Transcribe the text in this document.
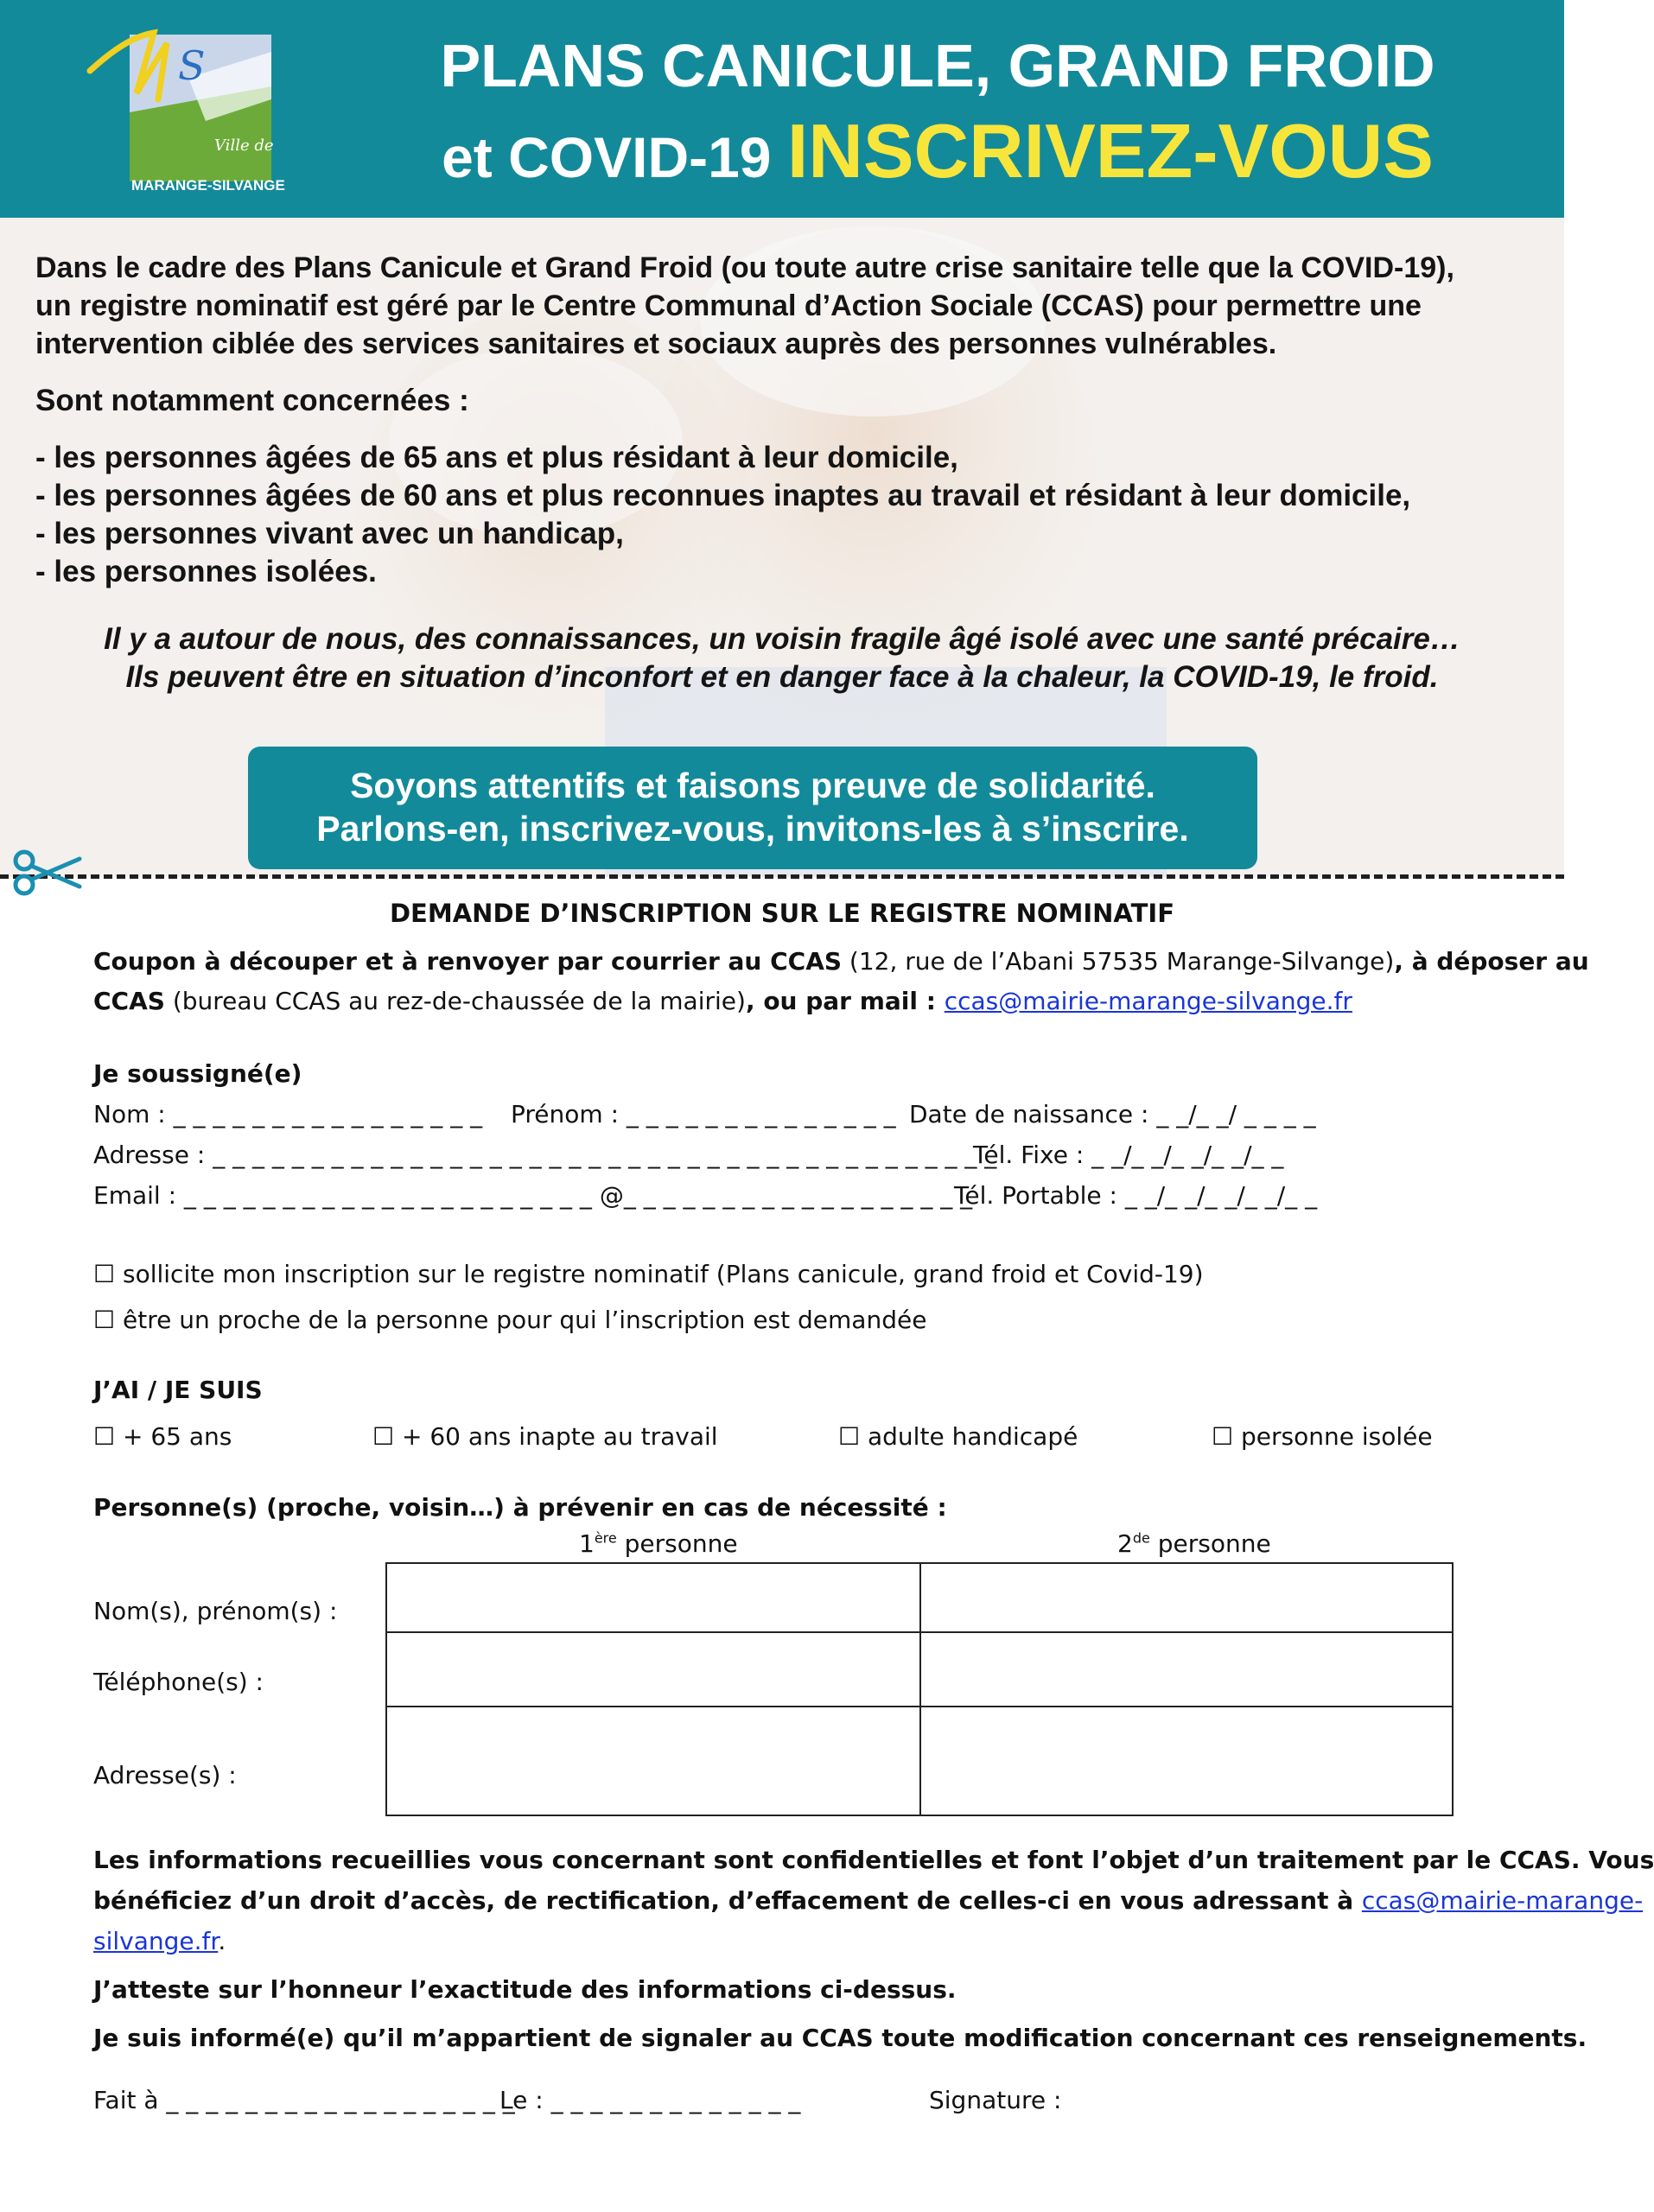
S
Ville de
MARANGE-SILVANGE
PLANS CANICULE, GRAND FROID
et COVID-19 INSCRIVEZ-VOUS
Dans le cadre des Plans Canicule et Grand Froid (ou toute autre crise sanitaire telle que la COVID-19),
un registre nominatif est géré par le Centre Communal d’Action Sociale (CCAS) pour permettre une
intervention ciblée des services sanitaires et sociaux auprès des personnes vulnérables.
Sont notamment concernées :
- les personnes âgées de 65 ans et plus résidant à leur domicile,
- les personnes âgées de 60 ans et plus reconnues inaptes au travail et résidant à leur domicile,
- les personnes vivant avec un handicap,
- les personnes isolées.
Il y a autour de nous, des connaissances, un voisin fragile âgé isolé avec une santé précaire…
Ils peuvent être en situation d’inconfort et en danger face à la chaleur, la COVID-19, le froid.
Soyons attentifs et faisons preuve de solidarité.
Parlons-en, inscrivez-vous, invitons-les à s’inscrire.
DEMANDE D’INSCRIPTION SUR LE REGISTRE NOMINATIF
Coupon à découper et à renvoyer par courrier au CCAS (12, rue de l’Abani 57535 Marange-Silvange), à déposer au
CCAS (bureau CCAS au rez-de-chaussée de la mairie), ou par mail : ccas@mairie-marange-silvange.fr
Je soussigné(e)
Nom : _ _ _ _ _ _ _ _ _ _ _ _ _ _ _ _ Prénom : _ _ _ _ _ _ _ _ _ _ _ _ _ _ Date de naissance : _ _/_ _/ _ _ _ _
Adresse : _ _ _ _ _ _ _ _ _ _ _ _ _ _ _ _ _ _ _ _ _ _ _ _ _ _ _ _ _ _ _ _ _ _ _ _ _ _ _ _
Tél. Fixe : _ _/_ _/_ _/_ _/_ _
Email : _ _ _ _ _ _ _ _ _ _ _ _ _ _ _ _ _ _ _ _ _ @_ _ _ _ _ _ _ _ _ _ _ _ _ _ _ _ _ _
Tél. Portable : _ _/_ _/_ _/_ _/_ _
☐ sollicite mon inscription sur le registre nominatif (Plans canicule, grand froid et Covid-19)
☐ être un proche de la personne pour qui l’inscription est demandée
J’AI / JE SUIS
☐ + 65 ans	☐ + 60 ans inapte au travail	☐ adulte handicapé	☐ personne isolée
Personne(s) (proche, voisin…) à prévenir en cas de nécessité :
1ère personne	2de personne
Nom(s), prénom(s) :
Téléphone(s) :
Adresse(s) :
Les informations recueillies vous concernant sont confidentielles et font l’objet d’un traitement par le CCAS. Vous
bénéficiez d’un droit d’accès, de rectification, d’effacement de celles-ci en vous adressant à ccas@mairie-marange-
silvange.fr.
J’atteste sur l’honneur l’exactitude des informations ci-dessus.
Je suis informé(e) qu’il m’appartient de signaler au CCAS toute modification concernant ces renseignements.
Fait à _ _ _ _ _ _ _ _ _ _ _ _ _ _ _ _ _ _
Le : _ _ _ _ _ _ _ _ _ _ _ _ _	Signature :
